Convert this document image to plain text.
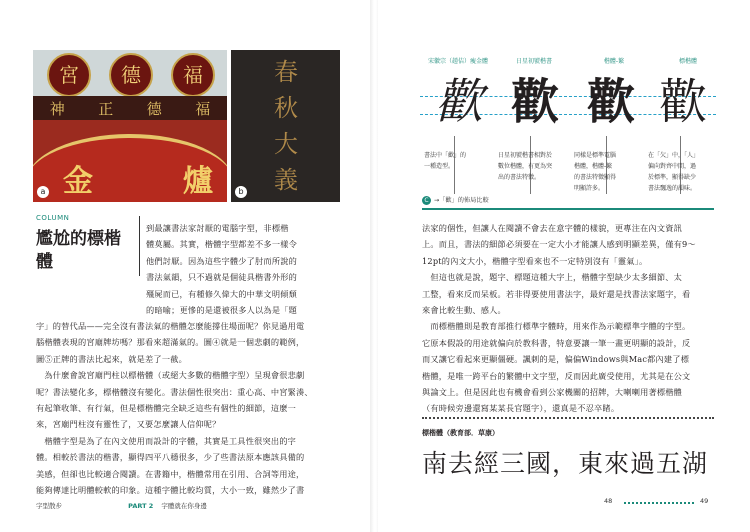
宮	德	福
神 正 德 福
金	爐
a
春
秋
大
義
b
COLUMN
尷尬的標楷體
到最讓書法家討厭的電腦字型，非標楷
體莫屬。其實，楷體字型都差不多一樣令
他們討厭。因為這些字體少了肘而所說的
書法氣韻，只不過就是個徒具楷書外形的
殭屍而已，有種修久偉大的中華文明傾頹
的暗喻；更慘的是還被很多人以為是「題
字」的替代品——完全沒有書法氣的楷體怎麼能撐住場面呢？你見過用電
腦楷體表現的宮廟牌坊嗎？那看來超滿氣的。圖④就是一個悲劇的範例，
圖⑤正牌的書法比起來，就是差了一截。
　為什麼會說宮廟門柱以標楷體（或絕大多數的楷體字型）呈現會很悲劇
呢？書法變化多，標楷體沒有變化。書法個性很突出：重心高、中宮緊湊、
有起筆收筆、有行氣，但是標楷體完全缺乏這些有個性的細節，這麼一
來，宮廟門柱沒有靈性了，又要怎麼讓人信仰呢？
　楷體字型是為了在內文使用而設計的字體，其實是工具性很突出的字
體。相較於書法的楷書，顯得四平八穩很多，少了些書法原本應該具備的
美感，但卻也比較適合閱讀。在書籍中，楷體常用在引用、合詞等用途，
能夠傳達比明體較軟的印象。這種字體比較均質，大小一致，雖然少了書
字型散步	PART 2 字體就在你身邊
宋徽宗（趙佶）瘦金體	日星初號楷書	楷體-繁	標楷體
歡 歡 歡 歡
書法中「歡」的
一種造型。
日星初號楷書相對於
數位楷體，有更為突
出的書法特徵。
同樣是標準電腦
楷體，楷體-繁
的書法特徵顯得
明顯許多。
在「欠」中，「人」
偏向對齊中間，過
於標準，顯得缺少
書法飄逸的韻味。
C →「歡」的佈局比較
法家的個性，但讓人在閱讀不會去在意字體的樣貌，更專注在內文資訊
上。而且，書法的細節必須要在一定大小才能讓人感到明顯差異，僅有9～
12pt的內文大小，楷體字型看來也不一定特別沒有「靈氣」。
　但這也就是說，題字、標題這種大字上，楷體字型缺少太多細節、太
工整，看來反而呆板。若非得要使用書法字，最好還是找書法家題字，看
來會比較生動、感人。
　而標楷體則是教育部推行標準字體時，用來作為示範標準字體的字型。
它原本假設的用途就偏向於教科書，特意要讓一筆一畫更明顯的設計，反
而又讓它看起來更顯僵硬。諷刺的是，偏偏Windows與Mac都內建了標
楷體，是唯一跨平台的繁體中文字型，反而因此廣受使用，尤其是在公文
與論文上。但是因此也有機會看到公家機關的招牌，大喇喇用著標楷體
（有時候旁邊還寫某某長官題字），還真是不忍卒睹。
標楷體（教育部．草康）
南去經三國，東來過五湖
48	49
